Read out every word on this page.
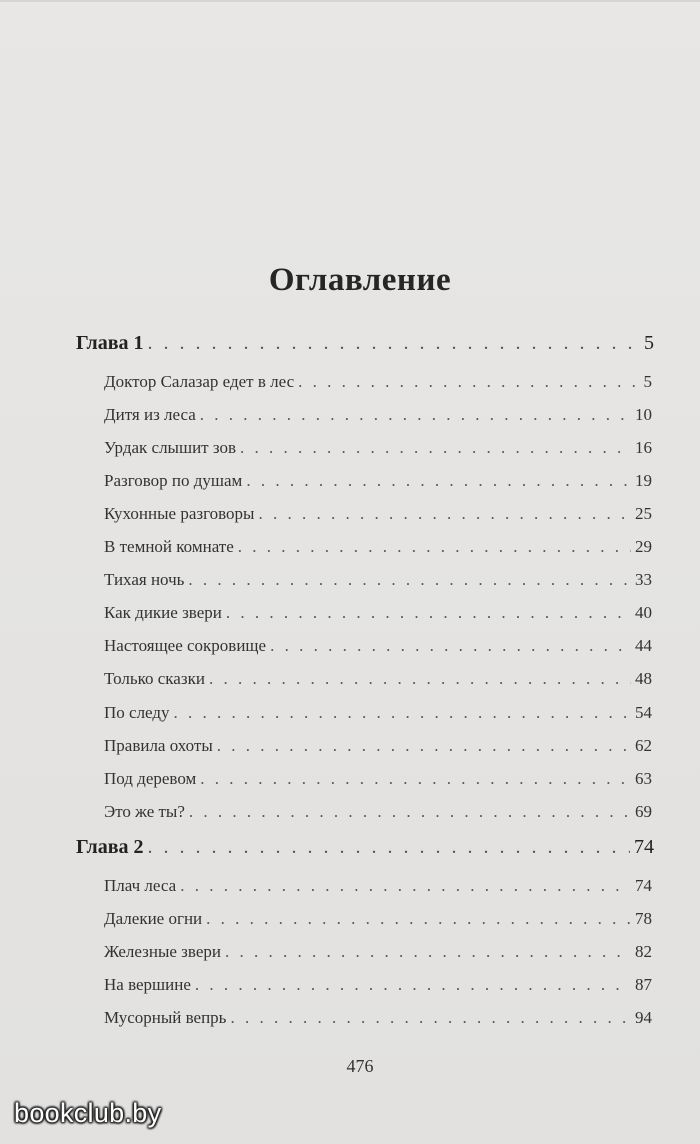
Оглавление
Глава 1 . . .	5
Доктор Салазар едет в лес . . .	5
Дитя из леса . . .	10
Урдак слышит зов . . .	16
Разговор по душам . . .	19
Кухонные разговоры . . .	25
В темной комнате . . .	29
Тихая ночь . . .	33
Как дикие звери . . .	40
Настоящее сокровище . . .	44
Только сказки . . .	48
По следу . . .	54
Правила охоты . . .	62
Под деревом . . .	63
Это же ты? . . .	69
Глава 2 . . .	74
Плач леса . . .	74
Далекие огни . . .	78
Железные звери . . .	82
На вершине . . .	87
Мусорный вепрь . . .	94
476
bookclub.by
